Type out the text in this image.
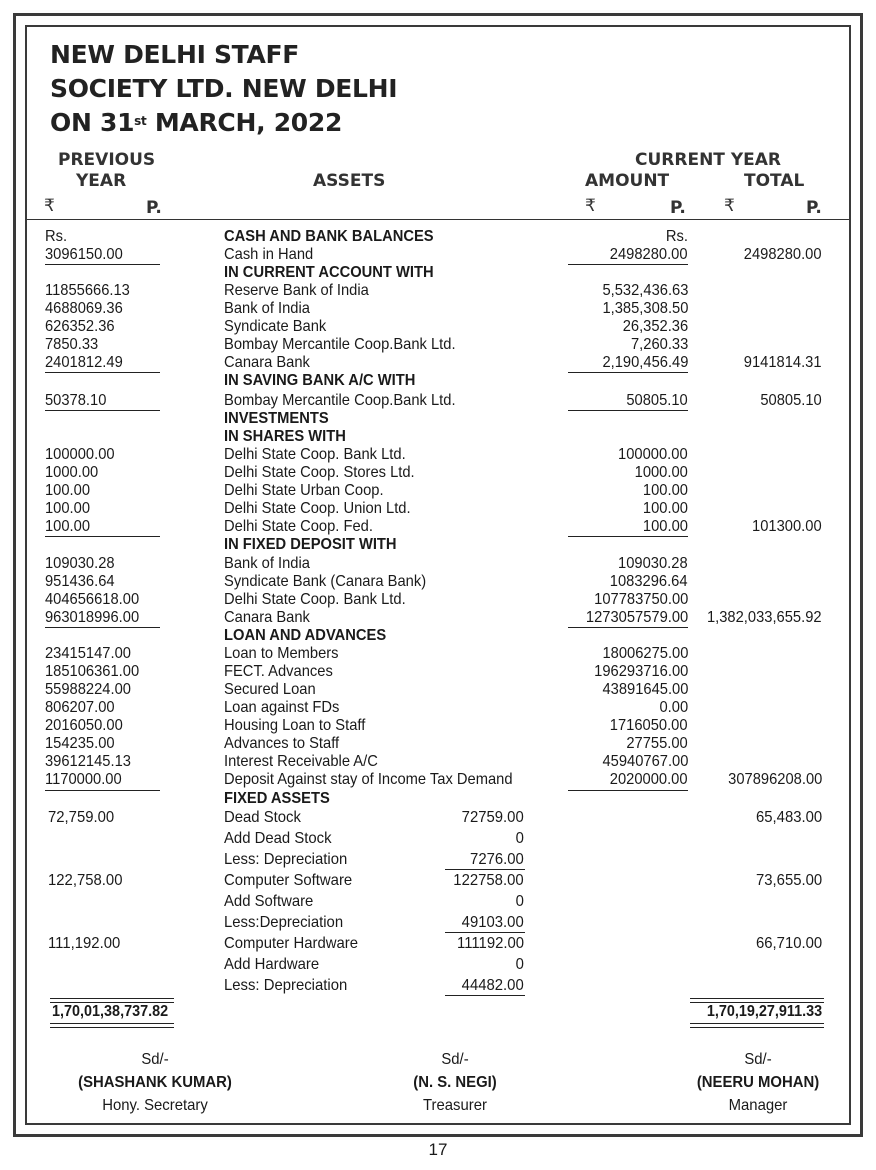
NEW DELHI STAFF
SOCIETY LTD. NEW DELHI
ON 31st MARCH, 2022
PREVIOUS
YEAR	ASSETS
CURRENT YEAR
AMOUNT	TOTAL
₹	P.	₹	P. ₹	P.
Rs.	CASH AND BANK BALANCES	Rs.
3096150.00	Cash in Hand	2498280.00	2498280.00
IN CURRENT ACCOUNT WITH
11855666.13	Reserve Bank of India	5,532,436.63
4688069.36	Bank of India	1,385,308.50
626352.36	Syndicate Bank	26,352.36
7850.33	Bombay Mercantile Coop.Bank Ltd.	7,260.33
2401812.49	Canara Bank	2,190,456.49	9141814.31
IN SAVING BANK A/C WITH
50378.10	Bombay Mercantile Coop.Bank Ltd.	50805.10	50805.10
INVESTMENTS
IN SHARES WITH
100000.00	Delhi State Coop. Bank Ltd.	100000.00
1000.00	Delhi State Coop. Stores Ltd.	1000.00
100.00	Delhi State Urban Coop.	100.00
100.00	Delhi State Coop. Union Ltd.	100.00
100.00	Delhi State Coop. Fed.	100.00	101300.00
IN FIXED DEPOSIT WITH
109030.28	Bank of India	109030.28
951436.64	Syndicate Bank (Canara Bank)	1083296.64
404656618.00	Delhi State Coop. Bank Ltd.	107783750.00
963018996.00	Canara Bank	1273057579.00 1,382,033,655.92
LOAN AND ADVANCES
23415147.00	Loan to Members	18006275.00
185106361.00	FECT. Advances	196293716.00
55988224.00	Secured Loan	43891645.00
806207.00	Loan against FDs	0.00
2016050.00	Housing Loan to Staff	1716050.00
154235.00	Advances to Staff	27755.00
39612145.13	Interest Receivable A/C	45940767.00
1170000.00	Deposit Against stay of Income Tax Demand	2020000.00 307896208.00
FIXED ASSETS
72,759.00	Dead Stock	72759.00	65,483.00
Add Dead Stock	0
Less: Depreciation	7276.00
122,758.00	Computer Software	122758.00	73,655.00
Add Software	0
Less:Depreciation	49103.00
111,192.00	Computer Hardware	111192.00	66,710.00
Add Hardware	0
Less: Depreciation	44482.00
1,70,01,38,737.82	1,70,19,27,911.33
Sd/-
(SHASHANK KUMAR)
Hony. Secretary
Sd/-
(N. S. NEGI)
Treasurer
Sd/-
(NEERU MOHAN)
Manager
17
